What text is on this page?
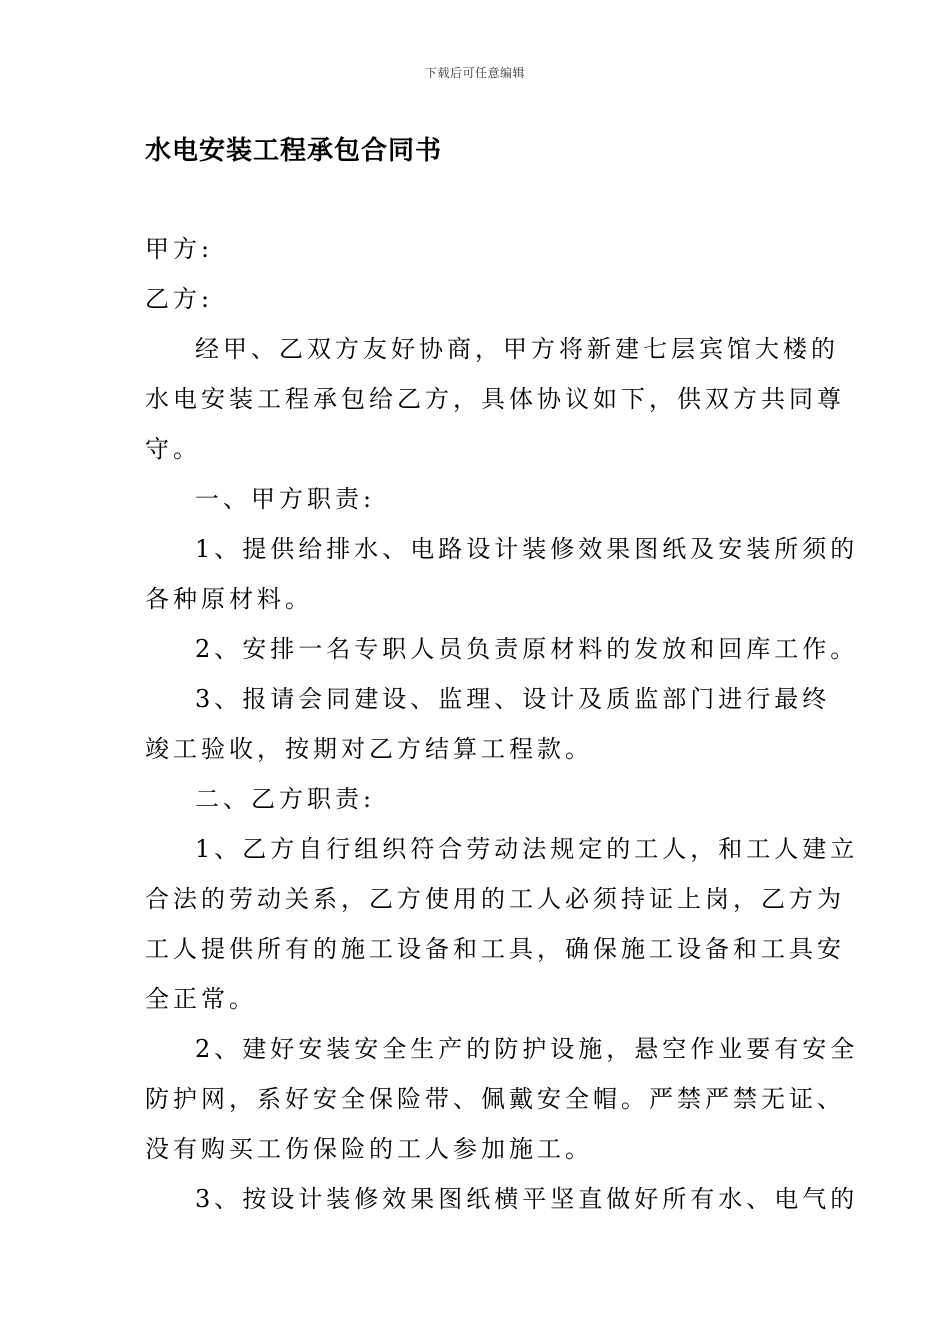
下载后可任意编辑
水电安装工程承包合同书
甲方:
乙方:
经甲、乙双方友好协商，甲方将新建七层宾馆大楼的
水电安装工程承包给乙方，具体协议如下，供双方共同尊
守。
一、甲方职责:
1、提供给排水、电路设计装修效果图纸及安装所须的
各种原材料。
2、安排一名专职人员负责原材料的发放和回库工作。
3、报请会同建设、监理、设计及质监部门进行最终
竣工验收，按期对乙方结算工程款。
二、乙方职责:
1、乙方自行组织符合劳动法规定的工人，和工人建立
合法的劳动关系，乙方使用的工人必须持证上岗，乙方为
工人提供所有的施工设备和工具，确保施工设备和工具安
全正常。
2、建好安装安全生产的防护设施，悬空作业要有安全
防护网，系好安全保险带、佩戴安全帽。严禁严禁无证、
没有购买工伤保险的工人参加施工。
3、按设计装修效果图纸横平坚直做好所有水、电气的
